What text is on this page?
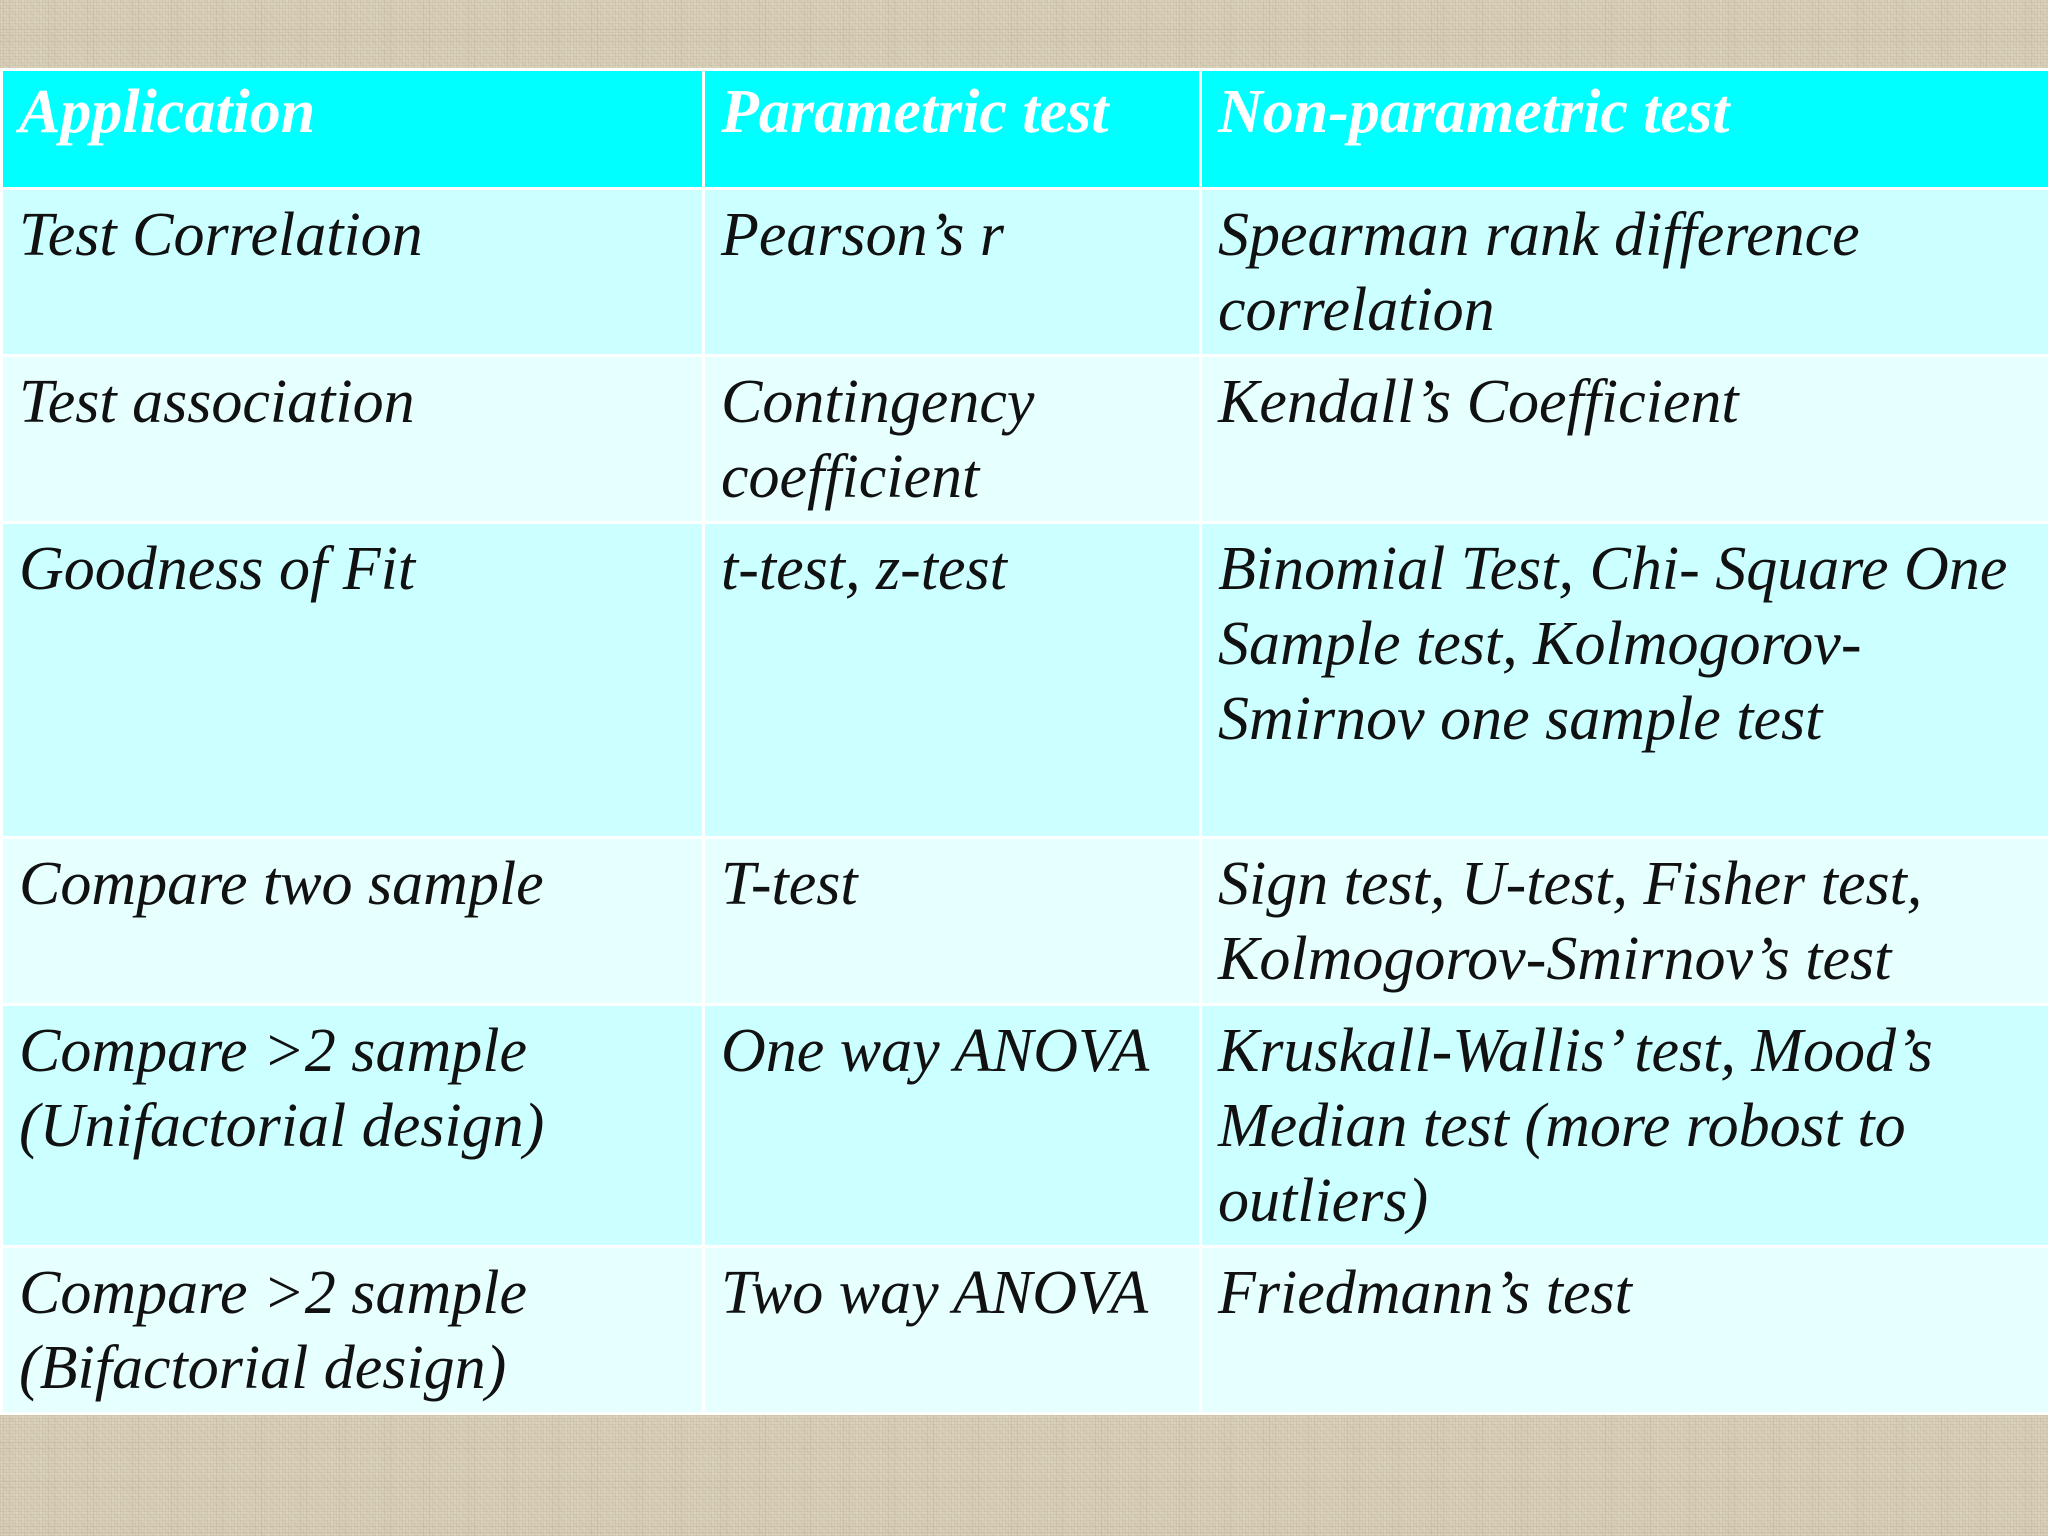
Application	Parametric test	Non-parametric test
Test Correlation	Pearson’s r	Spearman rank difference correlation
Test association	Contingency coefficient	Kendall’s Coefficient
Goodness of Fit	t-test, z-test	Binomial Test, Chi- Square One Sample test, Kolmogorov-Smirnov one sample test
Compare two sample	T-test	Sign test, U-test, Fisher test, Kolmogorov-Smirnov’s test
Compare >2 sample (Unifactorial design)	One way ANOVA	Kruskall-Wallis’ test, Mood’s Median test (more robost to outliers)
Compare >2 sample (Bifactorial design)	Two way ANOVA	Friedmann’s test
